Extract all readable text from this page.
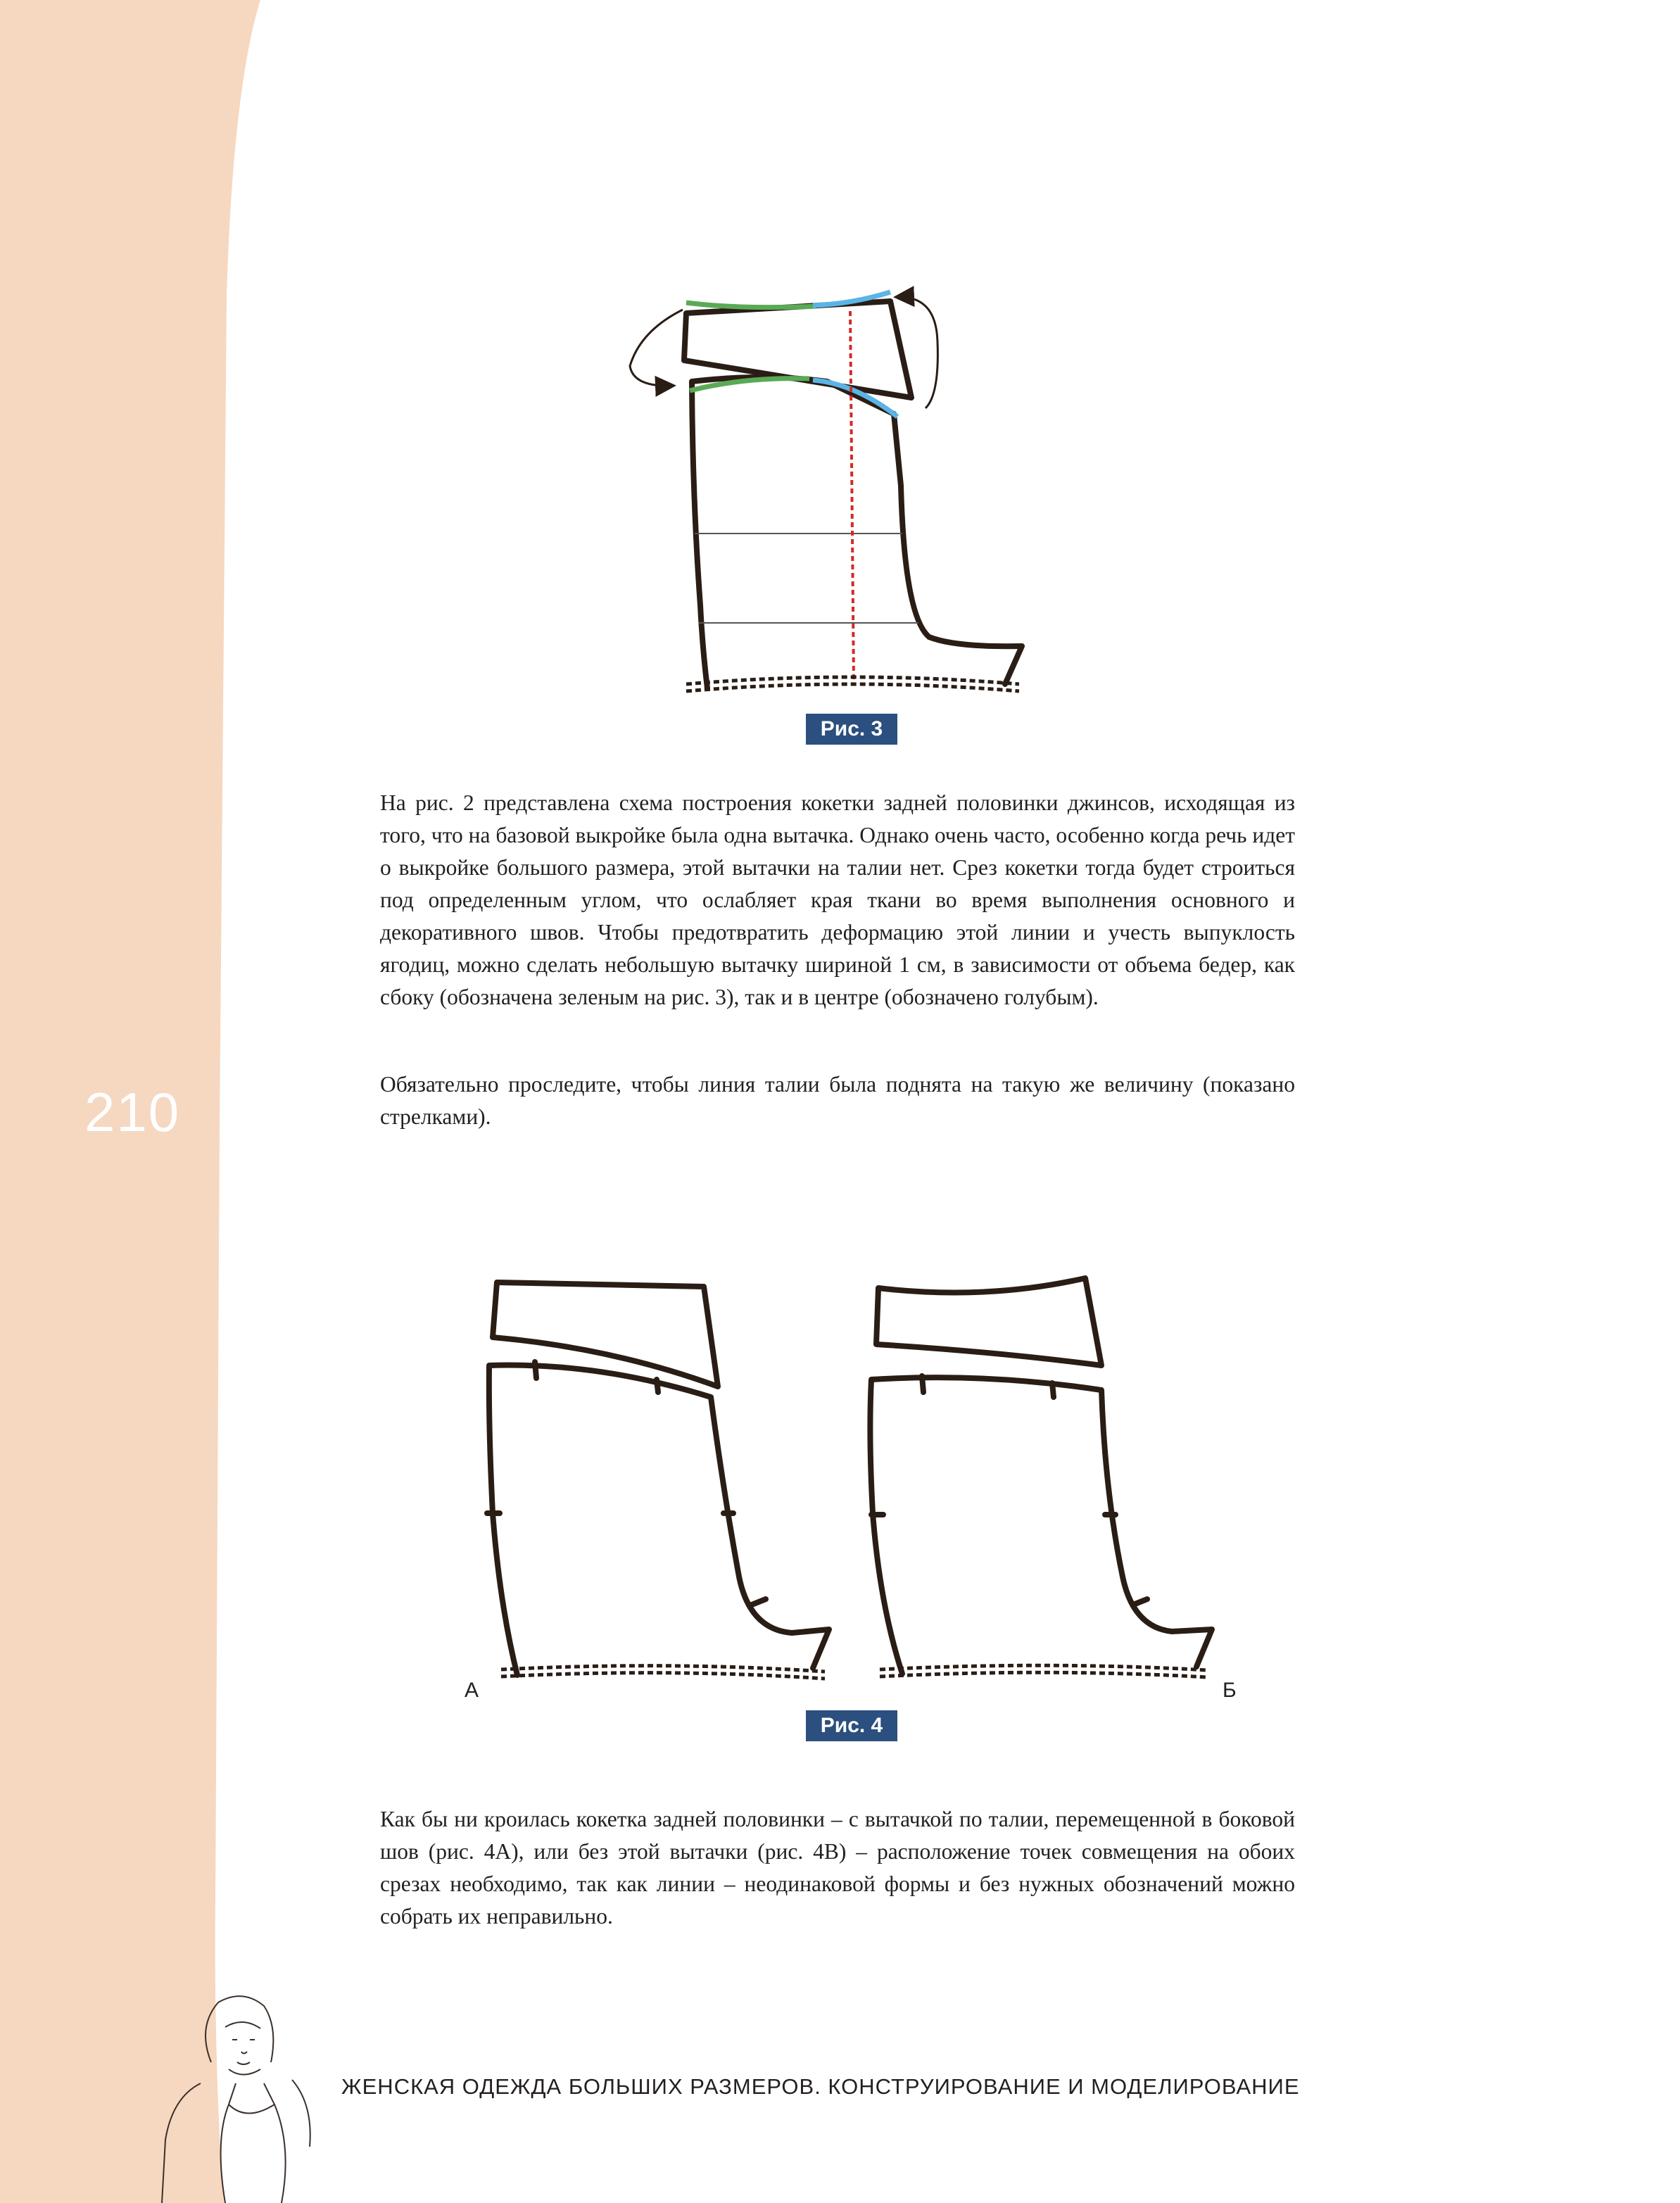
210
Рис. 3

На рис. 2 представлена схема построения кокетки задней половинки джинсов, исходящая из того, что на базовой выкройке была одна вытачка. Однако очень часто, особенно когда речь идет о выкройке большого размера, этой вытачки на талии нет. Срез кокетки тогда будет строиться под определенным углом, что ослабляет края ткани во время выполнения основного и декоративного швов. Чтобы предотвратить деформацию этой линии и учесть выпуклость ягодиц, можно сделать небольшую вытачку шириной 1 см, в зависимости от объема бедер, как сбоку (обозначена зеленым на рис. 3), так и в центре (обозначено голубым).

Обязательно проследите, чтобы линия талии была поднята на такую же величину (показано стрелками).

А	Б
Рис. 4

Как бы ни кроилась кокетка задней половинки – с вытачкой по талии, перемещенной в боковой шов (рис. 4А), или без этой вытачки (рис. 4В) – расположение точек совмещения на обоих срезах необходимо, так как линии – неодинаковой формы и без нужных обозначений можно собрать их неправильно.

ЖЕНСКАЯ ОДЕЖДА БОЛЬШИХ РАЗМЕРОВ. КОНСТРУИРОВАНИЕ И МОДЕЛИРОВАНИЕ
